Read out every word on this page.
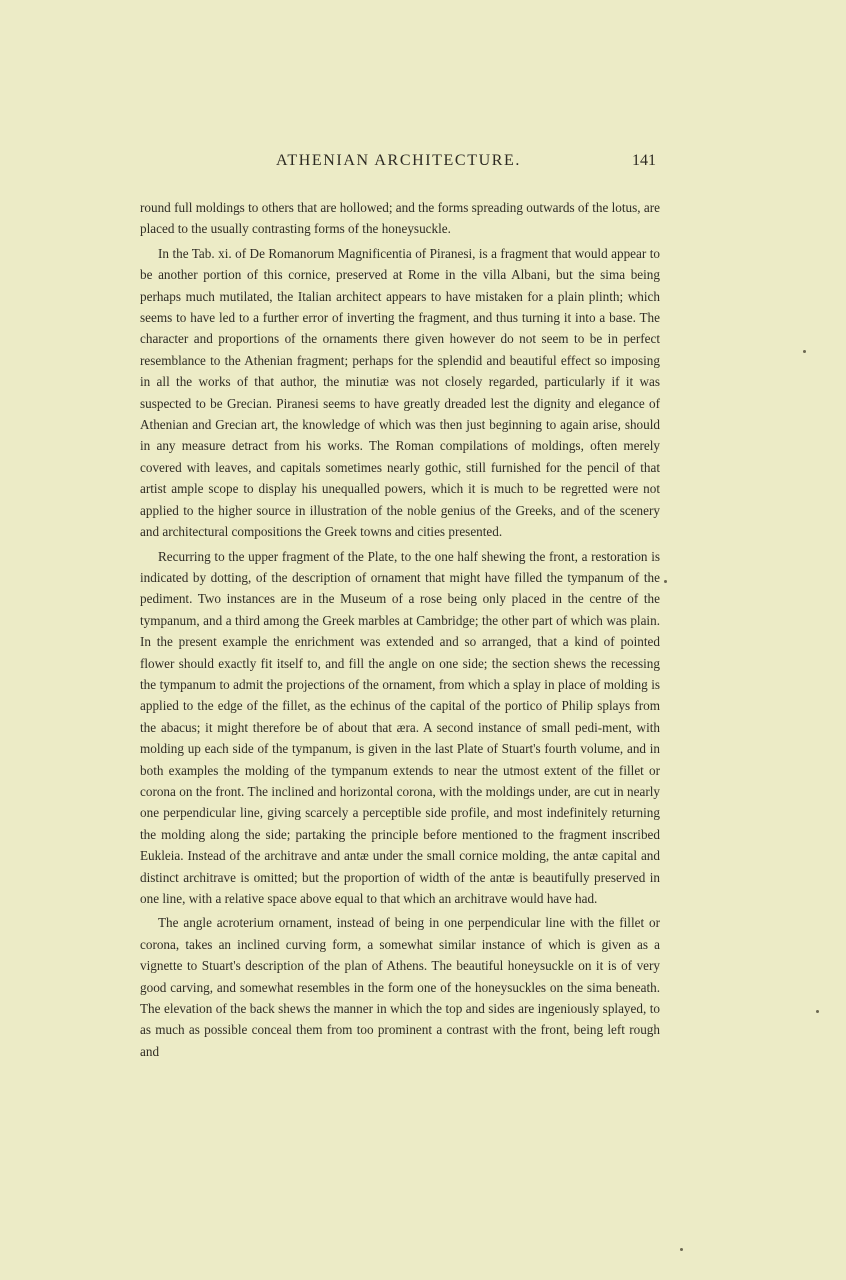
ATHENIAN ARCHITECTURE.	141

round full moldings to others that are hollowed; and the forms spreading outwards of the lotus, are placed to the usually contrasting forms of the honeysuckle.

In the Tab. xi. of De Romanorum Magnificentia of Piranesi, is a fragment that would appear to be another portion of this cornice, preserved at Rome in the villa Albani, but the sima being perhaps much mutilated, the Italian architect appears to have mistaken for a plain plinth; which seems to have led to a further error of inverting the fragment, and thus turning it into a base. The character and proportions of the ornaments there given however do not seem to be in perfect resemblance to the Athenian fragment; perhaps for the splendid and beautiful effect so imposing in all the works of that author, the minutiæ was not closely regarded, particularly if it was suspected to be Grecian. Piranesi seems to have greatly dreaded lest the dignity and elegance of Athenian and Grecian art, the knowledge of which was then just beginning to again arise, should in any measure detract from his works. The Roman compilations of moldings, often merely covered with leaves, and capitals sometimes nearly gothic, still furnished for the pencil of that artist ample scope to display his unequalled powers, which it is much to be regretted were not applied to the higher source in illustration of the noble genius of the Greeks, and of the scenery and architectural compositions the Greek towns and cities presented.

Recurring to the upper fragment of the Plate, to the one half shewing the front, a restoration is indicated by dotting, of the description of ornament that might have filled the tympanum of the pediment. Two instances are in the Museum of a rose being only placed in the centre of the tympanum, and a third among the Greek marbles at Cambridge; the other part of which was plain. In the present example the enrichment was extended and so arranged, that a kind of pointed flower should exactly fit itself to, and fill the angle on one side; the section shews the recessing the tympanum to admit the projections of the ornament, from which a splay in place of molding is applied to the edge of the fillet, as the echinus of the capital of the portico of Philip splays from the abacus; it might therefore be of about that æra. A second instance of small pedi-ment, with molding up each side of the tympanum, is given in the last Plate of Stuart's fourth volume, and in both examples the molding of the tympanum extends to near the utmost extent of the fillet or corona on the front. The inclined and horizontal corona, with the moldings under, are cut in nearly one perpendicular line, giving scarcely a perceptible side profile, and most indefinitely returning the molding along the side; partaking the principle before mentioned to the fragment inscribed Eukleia. Instead of the architrave and antæ under the small cornice molding, the antæ capital and distinct architrave is omitted; but the proportion of width of the antæ is beautifully preserved in one line, with a relative space above equal to that which an architrave would have had.

The angle acroterium ornament, instead of being in one perpendicular line with the fillet or corona, takes an inclined curving form, a somewhat similar instance of which is given as a vignette to Stuart's description of the plan of Athens. The beautiful honeysuckle on it is of very good carving, and somewhat resembles in the form one of the honeysuckles on the sima beneath. The elevation of the back shews the manner in which the top and sides are ingeniously splayed, to as much as possible conceal them from too prominent a contrast with the front, being left rough and
